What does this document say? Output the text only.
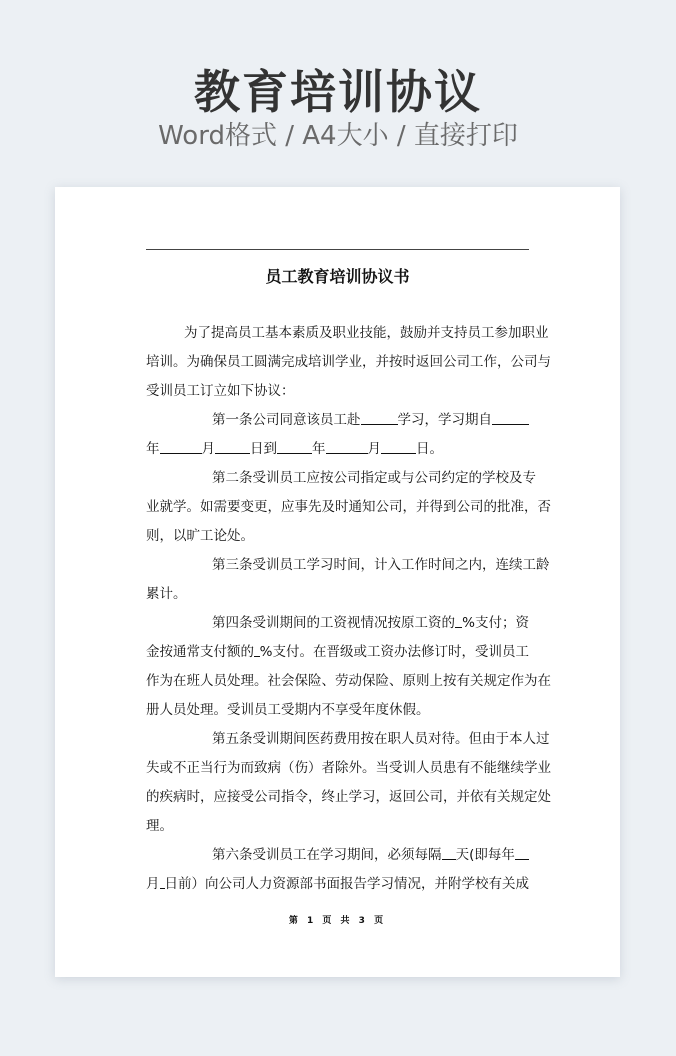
教育培训协议
Word格式 / A4大小 / 直接打印
员工教育培训协议书
为 了 提 高 员 工 基 本 素 质 及 职 业 技 能 ， 鼓 励 并 支 持 员 工 参 加 职 业
培 训 。 为 确 保 员 工 圆 满 完 成 培 训 学 业 ， 并 按 时 返 回 公 司 工 作 ， 公 司 与
受 训 员 工 订 立 如 下 协 议 ：
第 一 条 公 司 同 意 该 员 工 赴	学 习 ， 学 习 期 自
年	月	日 到	年	月	日 。
第 二 条 受 训 员 工 应 按 公 司 指 定 或 与 公 司 约 定 的 学 校 及 专
业 就 学 。 如 需 要 变 更 ， 应 事 先 及 时 通 知 公 司 ， 并 得 到 公 司 的 批 准 ， 否
则 ， 以 旷 工 论 处 。
第 三 条 受 训 员 工 学 习 时 间 ， 计 入 工 作 时 间 之 内 ， 连 续 工 龄
累 计 。
第 四 条 受 训 期 间 的 工 资 视 情 况 按 原 工 资 的 % 支 付 ； 资
金 按 通 常 支 付 额 的 % 支 付 。 在 晋 级 或 工 资 办 法 修 订 时 ， 受 训 员 工
作 为 在 班 人 员 处 理 。 社 会 保 险 、 劳 动 保 险 、 原 则 上 按 有 关 规 定 作 为 在
册 人 员 处 理 。 受 训 员 工 受 期 内 不 享 受 年 度 休 假 。
第 五 条 受 训 期 间 医 药 费 用 按 在 职 人 员 对 待 。 但 由 于 本 人 过
失 或 不 正 当 行 为 而 致 病 （ 伤 ） 者 除 外 。 当 受 训 人 员 患 有 不 能 继 续 学 业
的 疾 病 时 ， 应 接 受 公 司 指 令 ， 终 止 学 习 ， 返 回 公 司 ， 并 依 有 关 规 定 处
理 。
第 六 条 受 训 员 工 在 学 习 期 间 ， 必 须 每 隔 天 ( 即 每 年
月 日 前 ） 向 公 司 人 力 资 源 部 书 面 报 告 学 习 情 况 ， 并 附 学 校 有 关 成
第 1 页 共 3 页
